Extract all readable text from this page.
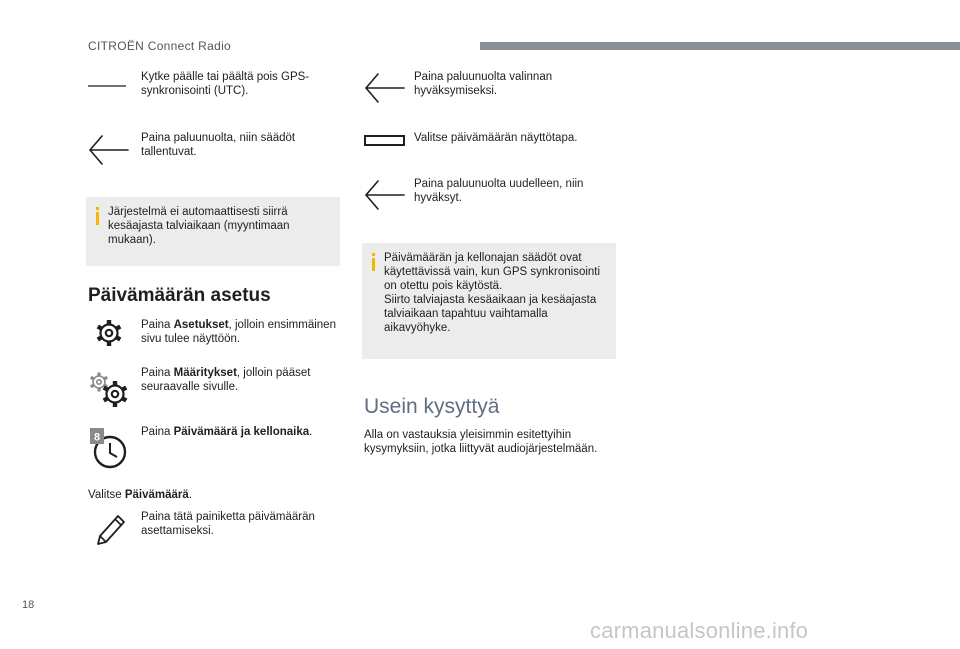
CITROËN Connect Radio
Kytke päälle tai päältä pois GPS-synkronisointi (UTC).
Paina paluunuolta, niin säädöt tallentuvat.
Järjestelmä ei automaattisesti siirrä kesäajasta talviaikaan (myyntimaan mukaan).
Päivämäärän asetus
Paina Asetukset, jolloin ensimmäinen sivu tulee näyttöön.
Paina Määritykset, jolloin pääset seuraavalle sivulle.
8	Paina Päivämäärä ja kellonaika.
Valitse Päivämäärä.
Paina tätä painiketta päivämäärän asettamiseksi.
Paina paluunuolta valinnan hyväksymiseksi.
Valitse päivämäärän näyttötapa.
Paina paluunuolta uudelleen, niin hyväksyt.
Päivämäärän ja kellonajan säädöt ovat käytettävissä vain, kun GPS synkronisointi on otettu pois käytöstä.
Siirto talviajasta kesäaikaan ja kesäajasta talviaikaan tapahtuu vaihtamalla aikavyöhyke.
Usein kysyttyä
Alla on vastauksia yleisimmin esitettyihin kysymyksiin, jotka liittyvät audiojärjestelmään.
18
carmanualsonline.info
